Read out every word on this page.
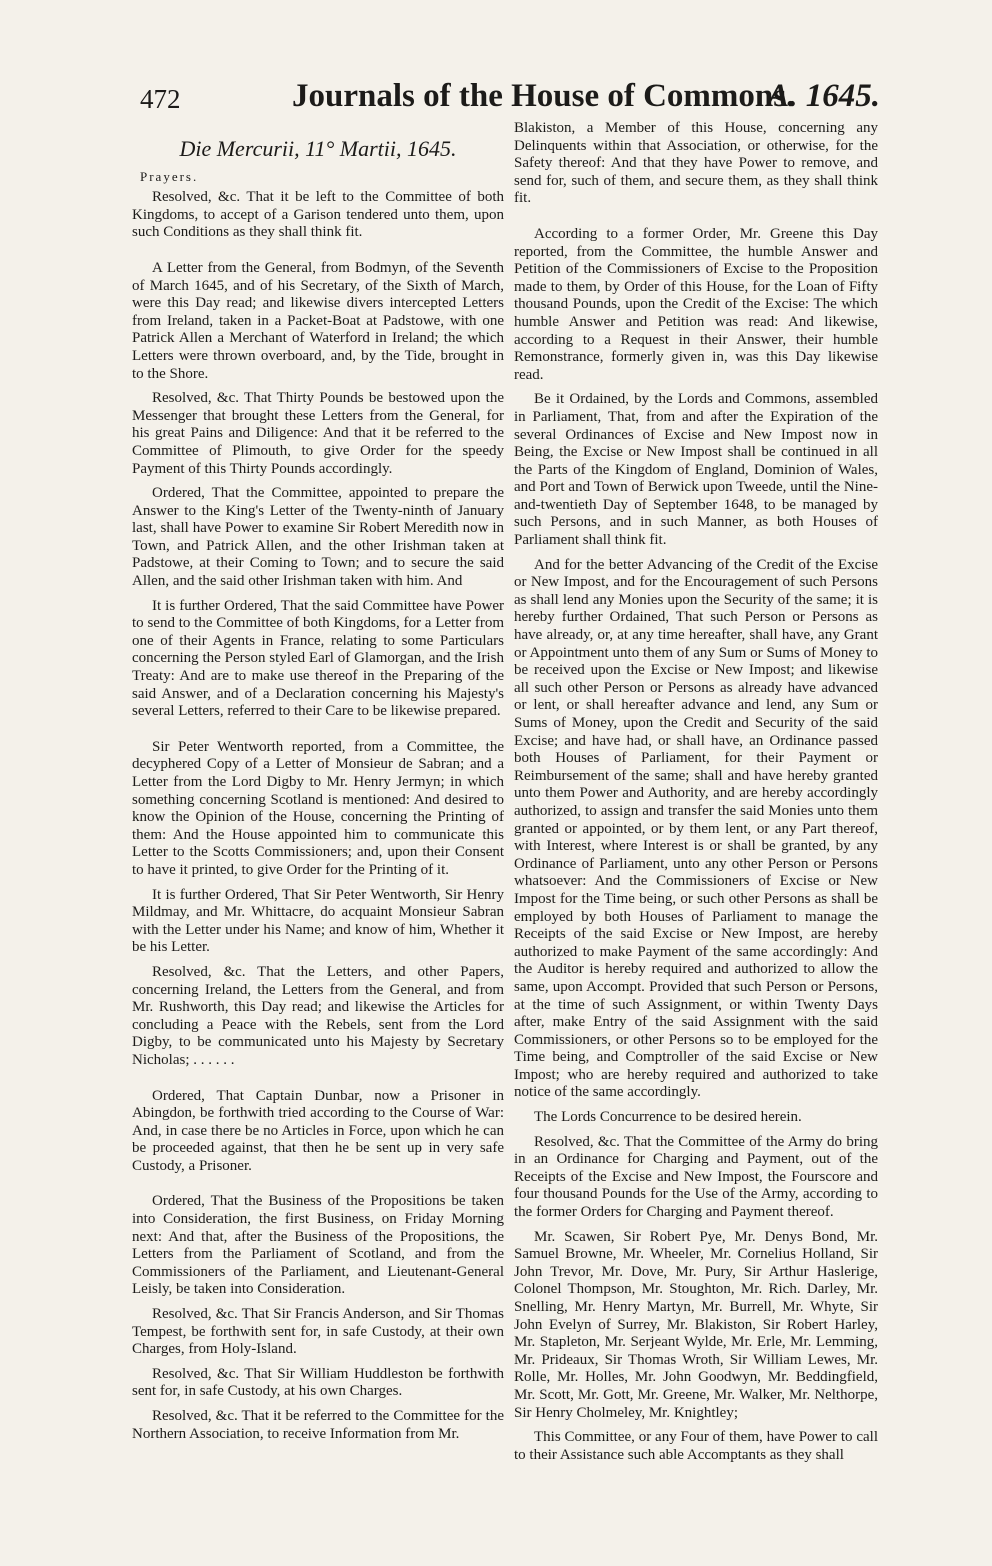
472	Journals of the House of Commons.
A. 1645.
Die Mercurii, 11° Martii, 1645.
Prayers.

Resolved, &c. That it be left to the Committee of both Kingdoms, to accept of a Garison tendered unto them, upon such Conditions as they shall think fit.

A Letter from the General, from Bodmyn, of the Seventh of March 1645, and of his Secretary, of the Sixth of March, were this Day read; and likewise divers intercepted Letters from Ireland, taken in a Packet-Boat at Padstowe, with one Patrick Allen a Merchant of Waterford in Ireland; the which Letters were thrown overboard, and, by the Tide, brought in to the Shore.

Resolved, &c. That Thirty Pounds be bestowed upon the Messenger that brought these Letters from the General, for his great Pains and Diligence: And that it be referred to the Committee of Plimouth, to give Order for the speedy Payment of this Thirty Pounds accordingly.

Ordered, That the Committee, appointed to prepare the Answer to the King's Letter of the Twenty-ninth of January last, shall have Power to examine Sir Robert Meredith now in Town, and Patrick Allen, and the other Irishman taken at Padstowe, at their Coming to Town; and to secure the said Allen, and the said other Irishman taken with him. And

It is further Ordered, That the said Committee have Power to send to the Committee of both Kingdoms, for a Letter from one of their Agents in France, relating to some Particulars concerning the Person styled Earl of Glamorgan, and the Irish Treaty: And are to make use thereof in the Preparing of the said Answer, and of a Declaration concerning his Majesty's several Letters, referred to their Care to be likewise prepared.

Sir Peter Wentworth reported, from a Committee, the decyphered Copy of a Letter of Monsieur de Sabran; and a Letter from the Lord Digby to Mr. Henry Jermyn; in which something concerning Scotland is mentioned: And desired to know the Opinion of the House, concerning the Printing of them: And the House appointed him to communicate this Letter to the Scotts Commissioners; and, upon their Consent to have it printed, to give Order for the Printing of it.

It is further Ordered, That Sir Peter Wentworth, Sir Henry Mildmay, and Mr. Whittacre, do acquaint Monsieur Sabran with the Letter under his Name; and know of him, Whether it be his Letter.

Resolved, &c. That the Letters, and other Papers, concerning Ireland, the Letters from the General, and from Mr. Rushworth, this Day read; and likewise the Articles for concluding a Peace with the Rebels, sent from the Lord Digby, to be communicated unto his Majesty by Secretary Nicholas; . . . . . .

Ordered, That Captain Dunbar, now a Prisoner in Abingdon, be forthwith tried according to the Course of War: And, in case there be no Articles in Force, upon which he can be proceeded against, that then he be sent up in very safe Custody, a Prisoner.

Ordered, That the Business of the Propositions be taken into Consideration, the first Business, on Friday Morning next: And that, after the Business of the Propositions, the Letters from the Parliament of Scotland, and from the Commissioners of the Parliament, and Lieutenant-General Leisly, be taken into Consideration.

Resolved, &c. That Sir Francis Anderson, and Sir Thomas Tempest, be forthwith sent for, in safe Custody, at their own Charges, from Holy-Island.

Resolved, &c. That Sir William Huddleston be forthwith sent for, in safe Custody, at his own Charges.

Resolved, &c. That it be referred to the Committee for the Northern Association, to receive Information from Mr.

Blakiston, a Member of this House, concerning any Delinquents within that Association, or otherwise, for the Safety thereof: And that they have Power to remove, and send for, such of them, and secure them, as they shall think fit.

According to a former Order, Mr. Greene this Day reported, from the Committee, the humble Answer and Petition of the Commissioners of Excise to the Proposition made to them, by Order of this House, for the Loan of Fifty thousand Pounds, upon the Credit of the Excise: The which humble Answer and Petition was read: And likewise, according to a Request in their Answer, their humble Remonstrance, formerly given in, was this Day likewise read.

Be it Ordained, by the Lords and Commons, assembled in Parliament, That, from and after the Expiration of the several Ordinances of Excise and New Impost now in Being, the Excise or New Impost shall be continued in all the Parts of the Kingdom of England, Dominion of Wales, and Port and Town of Berwick upon Tweede, until the Nine-and-twentieth Day of September 1648, to be managed by such Persons, and in such Manner, as both Houses of Parliament shall think fit.

And for the better Advancing of the Credit of the Excise or New Impost, and for the Encouragement of such Persons as shall lend any Monies upon the Security of the same; it is hereby further Ordained, That such Person or Persons as have already, or, at any time hereafter, shall have, any Grant or Appointment unto them of any Sum or Sums of Money to be received upon the Excise or New Impost; and likewise all such other Person or Persons as already have advanced or lent, or shall hereafter advance and lend, any Sum or Sums of Money, upon the Credit and Security of the said Excise; and have had, or shall have, an Ordinance passed both Houses of Parliament, for their Payment or Reimbursement of the same; shall and have hereby granted unto them Power and Authority, and are hereby accordingly authorized, to assign and transfer the said Monies unto them granted or appointed, or by them lent, or any Part thereof, with Interest, where Interest is or shall be granted, by any Ordinance of Parliament, unto any other Person or Persons whatsoever: And the Commissioners of Excise or New Impost for the Time being, or such other Persons as shall be employed by both Houses of Parliament to manage the Receipts of the said Excise or New Impost, are hereby authorized to make Payment of the same accordingly: And the Auditor is hereby required and authorized to allow the same, upon Accompt. Provided that such Person or Persons, at the time of such Assignment, or within Twenty Days after, make Entry of the said Assignment with the said Commissioners, or other Persons so to be employed for the Time being, and Comptroller of the said Excise or New Impost; who are hereby required and authorized to take notice of the same accordingly.

The Lords Concurrence to be desired herein.

Resolved, &c. That the Committee of the Army do bring in an Ordinance for Charging and Payment, out of the Receipts of the Excise and New Impost, the Fourscore and four thousand Pounds for the Use of the Army, according to the former Orders for Charging and Payment thereof.

Mr. Scawen, Sir Robert Pye, Mr. Denys Bond, Mr. Samuel Browne, Mr. Wheeler, Mr. Cornelius Holland, Sir John Trevor, Mr. Dove, Mr. Pury, Sir Arthur Haslerige, Colonel Thompson, Mr. Stoughton, Mr. Rich. Darley, Mr. Snelling, Mr. Henry Martyn, Mr. Burrell, Mr. Whyte, Sir John Evelyn of Surrey, Mr. Blakiston, Sir Robert Harley, Mr. Stapleton, Mr. Serjeant Wylde, Mr. Erle, Mr. Lemming, Mr. Prideaux, Sir Thomas Wroth, Sir William Lewes, Mr. Rolle, Mr. Holles, Mr. John Goodwyn, Mr. Beddingfield, Mr. Scott, Mr. Gott, Mr. Greene, Mr. Walker, Mr. Nelthorpe, Sir Henry Cholmeley, Mr. Knightley;

This Committee, or any Four of them, have Power to call to their Assistance such able Accomptants as they shall
